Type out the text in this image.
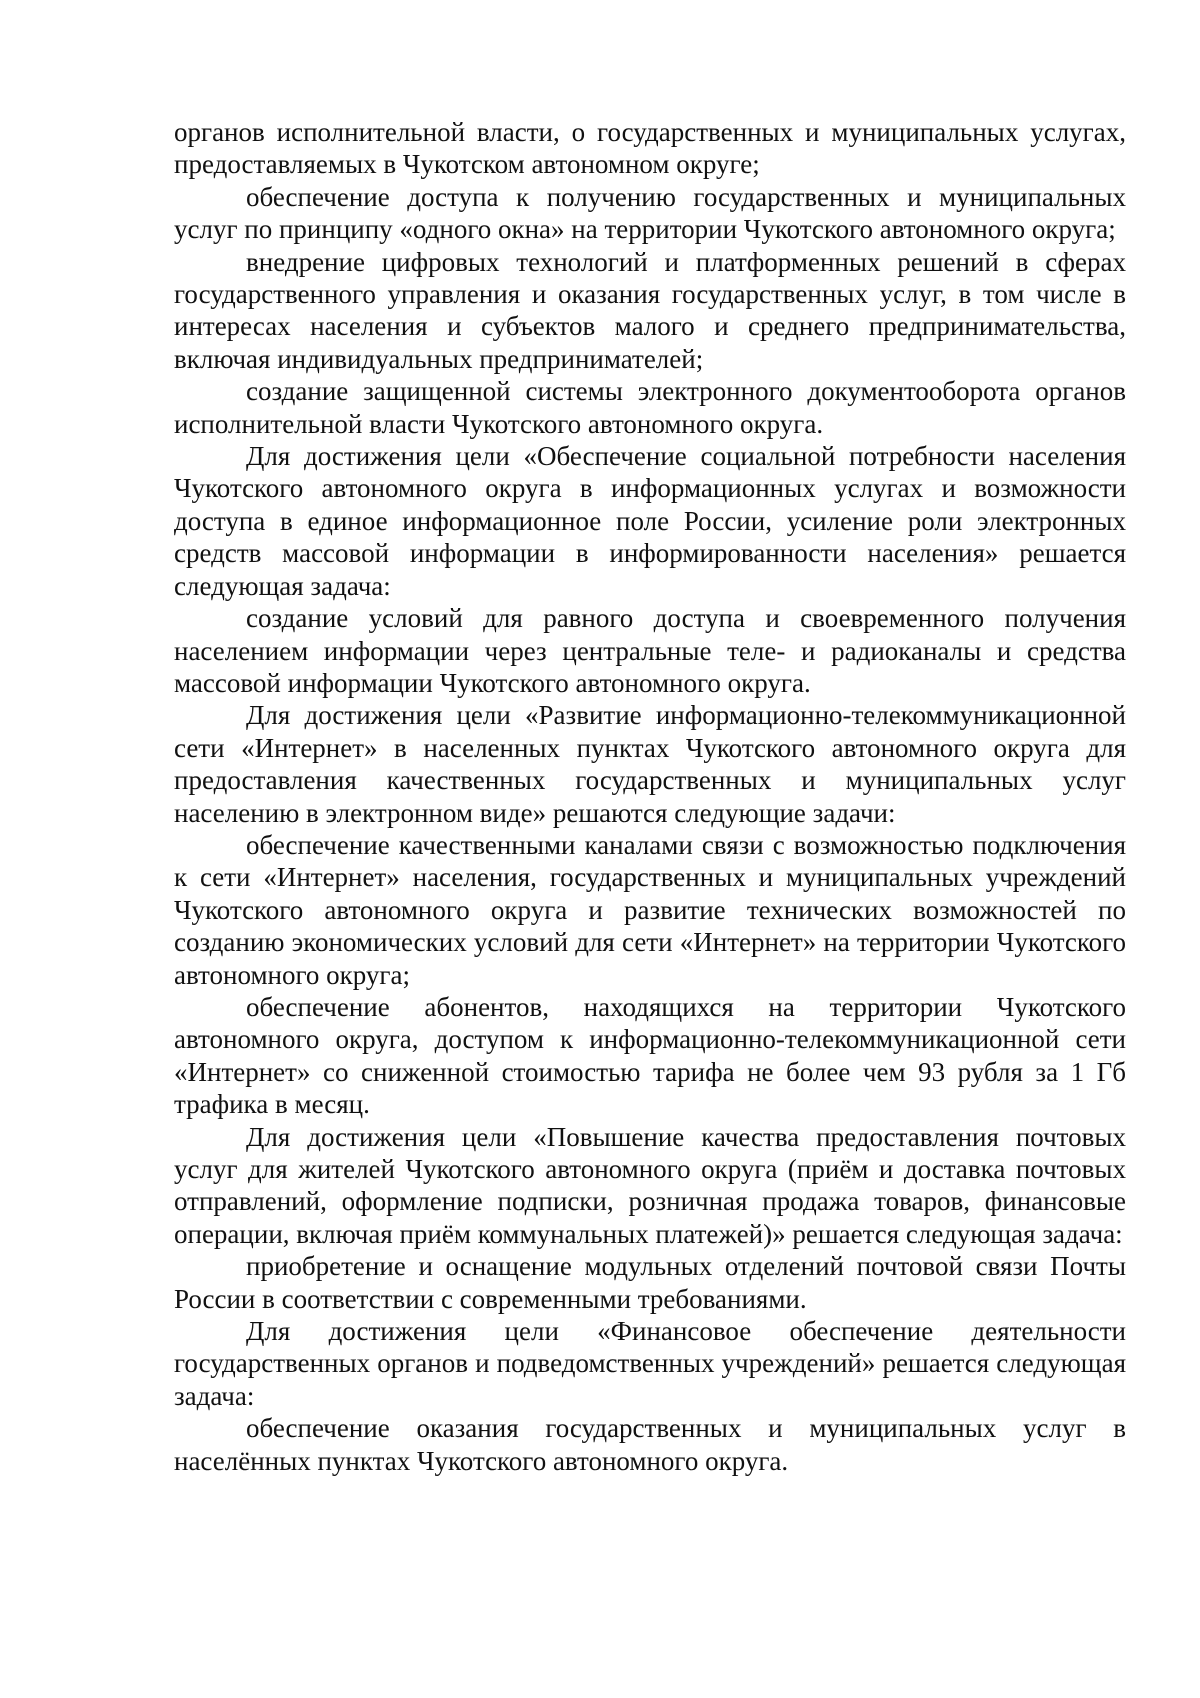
органов исполнительной власти, о государственных и муниципальных услугах, предоставляемых в Чукотском автономном округе;

обеспечение доступа к получению государственных и муниципальных услуг по принципу «одного окна» на территории Чукотского автономного округа;

внедрение цифровых технологий и платформенных решений в сферах государственного управления и оказания государственных услуг, в том числе в интересах населения и субъектов малого и среднего предпринимательства, включая индивидуальных предпринимателей;

создание защищенной системы электронного документооборота органов исполнительной власти Чукотского автономного округа.

Для достижения цели «Обеспечение социальной потребности населения Чукотского автономного округа в информационных услугах и возможности доступа в единое информационное поле России, усиление роли электронных средств массовой информации в информированности населения» решается следующая задача:

создание условий для равного доступа и своевременного получения населением информации через центральные теле- и радиоканалы и средства массовой информации Чукотского автономного округа.

Для достижения цели «Развитие информационно-телекоммуникационной сети «Интернет» в населенных пунктах Чукотского автономного округа для предоставления качественных государственных и муниципальных услуг населению в электронном виде» решаются следующие задачи:

обеспечение качественными каналами связи с возможностью подключения к сети «Интернет» населения, государственных и муниципальных учреждений Чукотского автономного округа и развитие технических возможностей по созданию экономических условий для сети «Интернет» на территории Чукотского автономного округа;

обеспечение абонентов, находящихся на территории Чукотского автономного округа, доступом к информационно-телекоммуникационной сети «Интернет» со сниженной стоимостью тарифа не более чем 93 рубля за 1 Гб трафика в месяц.

Для достижения цели «Повышение качества предоставления почтовых услуг для жителей Чукотского автономного округа (приём и доставка почтовых отправлений, оформление подписки, розничная продажа товаров, финансовые операции, включая приём коммунальных платежей)» решается следующая задача:

приобретение и оснащение модульных отделений почтовой связи Почты России в соответствии с современными требованиями.

Для достижения цели «Финансовое обеспечение деятельности государственных органов и подведомственных учреждений» решается следующая задача:

обеспечение оказания государственных и муниципальных услуг в населённых пунктах Чукотского автономного округа.
